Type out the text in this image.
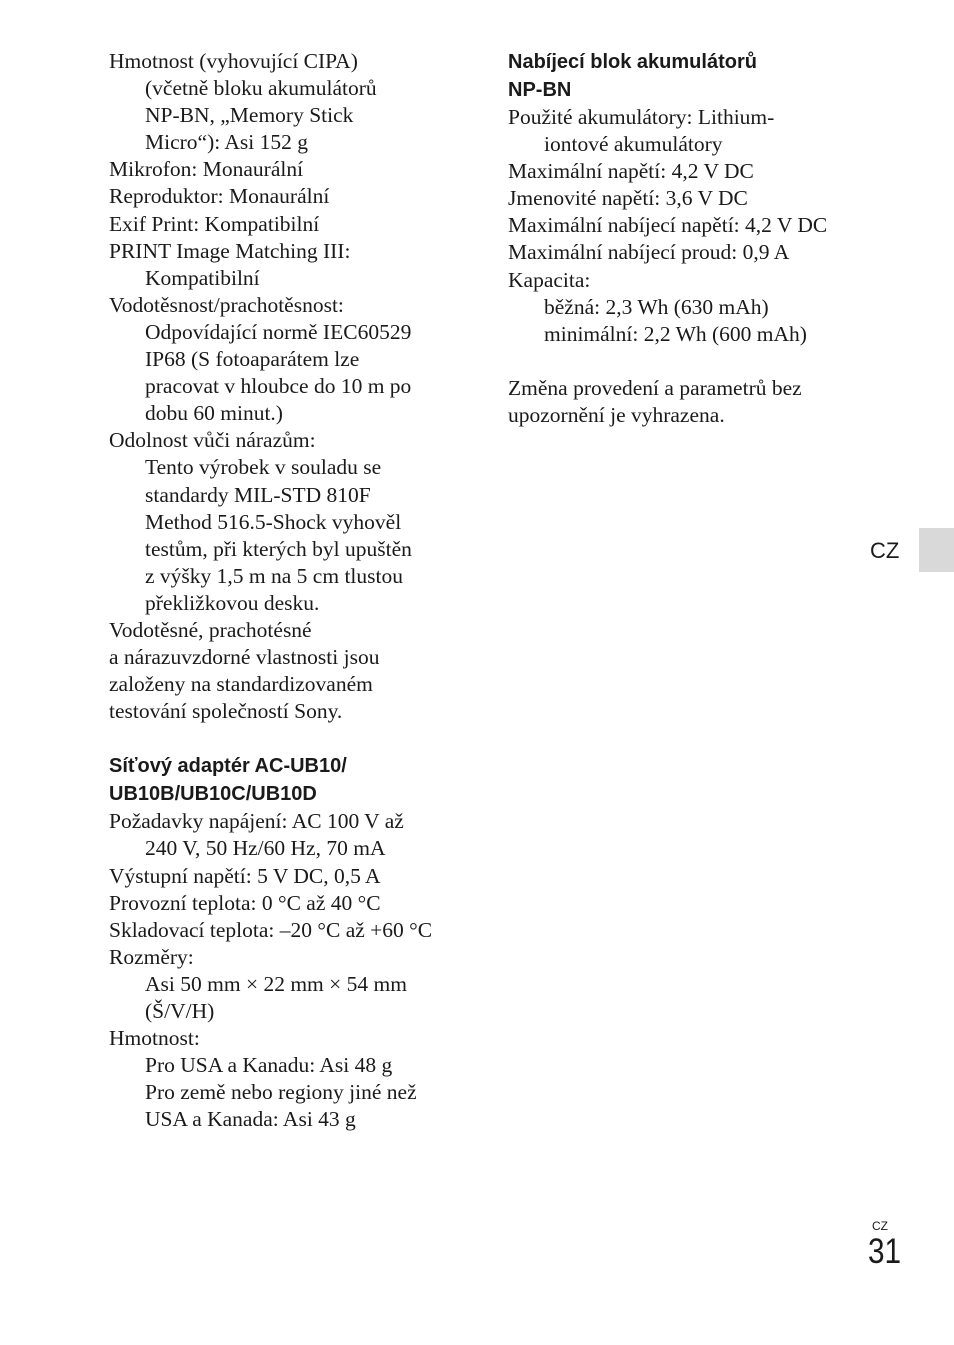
Hmotnost (vyhovující CIPA)
(včetně bloku akumulátorů
NP-BN, „Memory Stick
Micro“): Asi 152 g
Mikrofon: Monaurální
Reproduktor: Monaurální
Exif Print: Kompatibilní
PRINT Image Matching III:
Kompatibilní
Vodotěsnost/prachotěsnost:
Odpovídající normě IEC60529
IP68 (S fotoaparátem lze
pracovat v hloubce do 10 m po
dobu 60 minut.)
Odolnost vůči nárazům:
Tento výrobek v souladu se
standardy MIL-STD 810F
Method 516.5-Shock vyhověl
testům, při kterých byl upuštěn
z výšky 1,5 m na 5 cm tlustou
překližkovou desku.
Vodotěsné, prachotésné
a nárazuvzdorné vlastnosti jsou
založeny na standardizovaném
testování společností Sony.
Síťový adaptér AC-UB10/
UB10B/UB10C/UB10D
Požadavky napájení: AC 100 V až
240 V, 50 Hz/60 Hz, 70 mA
Výstupní napětí: 5 V DC, 0,5 A
Provozní teplota: 0 °C až 40 °C
Skladovací teplota: –20 °C až +60 °C
Rozměry:
Asi 50 mm × 22 mm × 54 mm
(Š/V/H)
Hmotnost:
Pro USA a Kanadu: Asi 48 g
Pro země nebo regiony jiné než
USA a Kanada: Asi 43 g
Nabíjecí blok akumulátorů
NP-BN
Použité akumulátory: Lithium-
iontové akumulátory
Maximální napětí: 4,2 V DC
Jmenovité napětí: 3,6 V DC
Maximální nabíjecí napětí: 4,2 V DC
Maximální nabíjecí proud: 0,9 A
Kapacita:
běžná: 2,3 Wh (630 mAh)
minimální: 2,2 Wh (600 mAh)
Změna provedení a parametrů bez
upozornění je vyhrazena.
CZ
CZ
31
